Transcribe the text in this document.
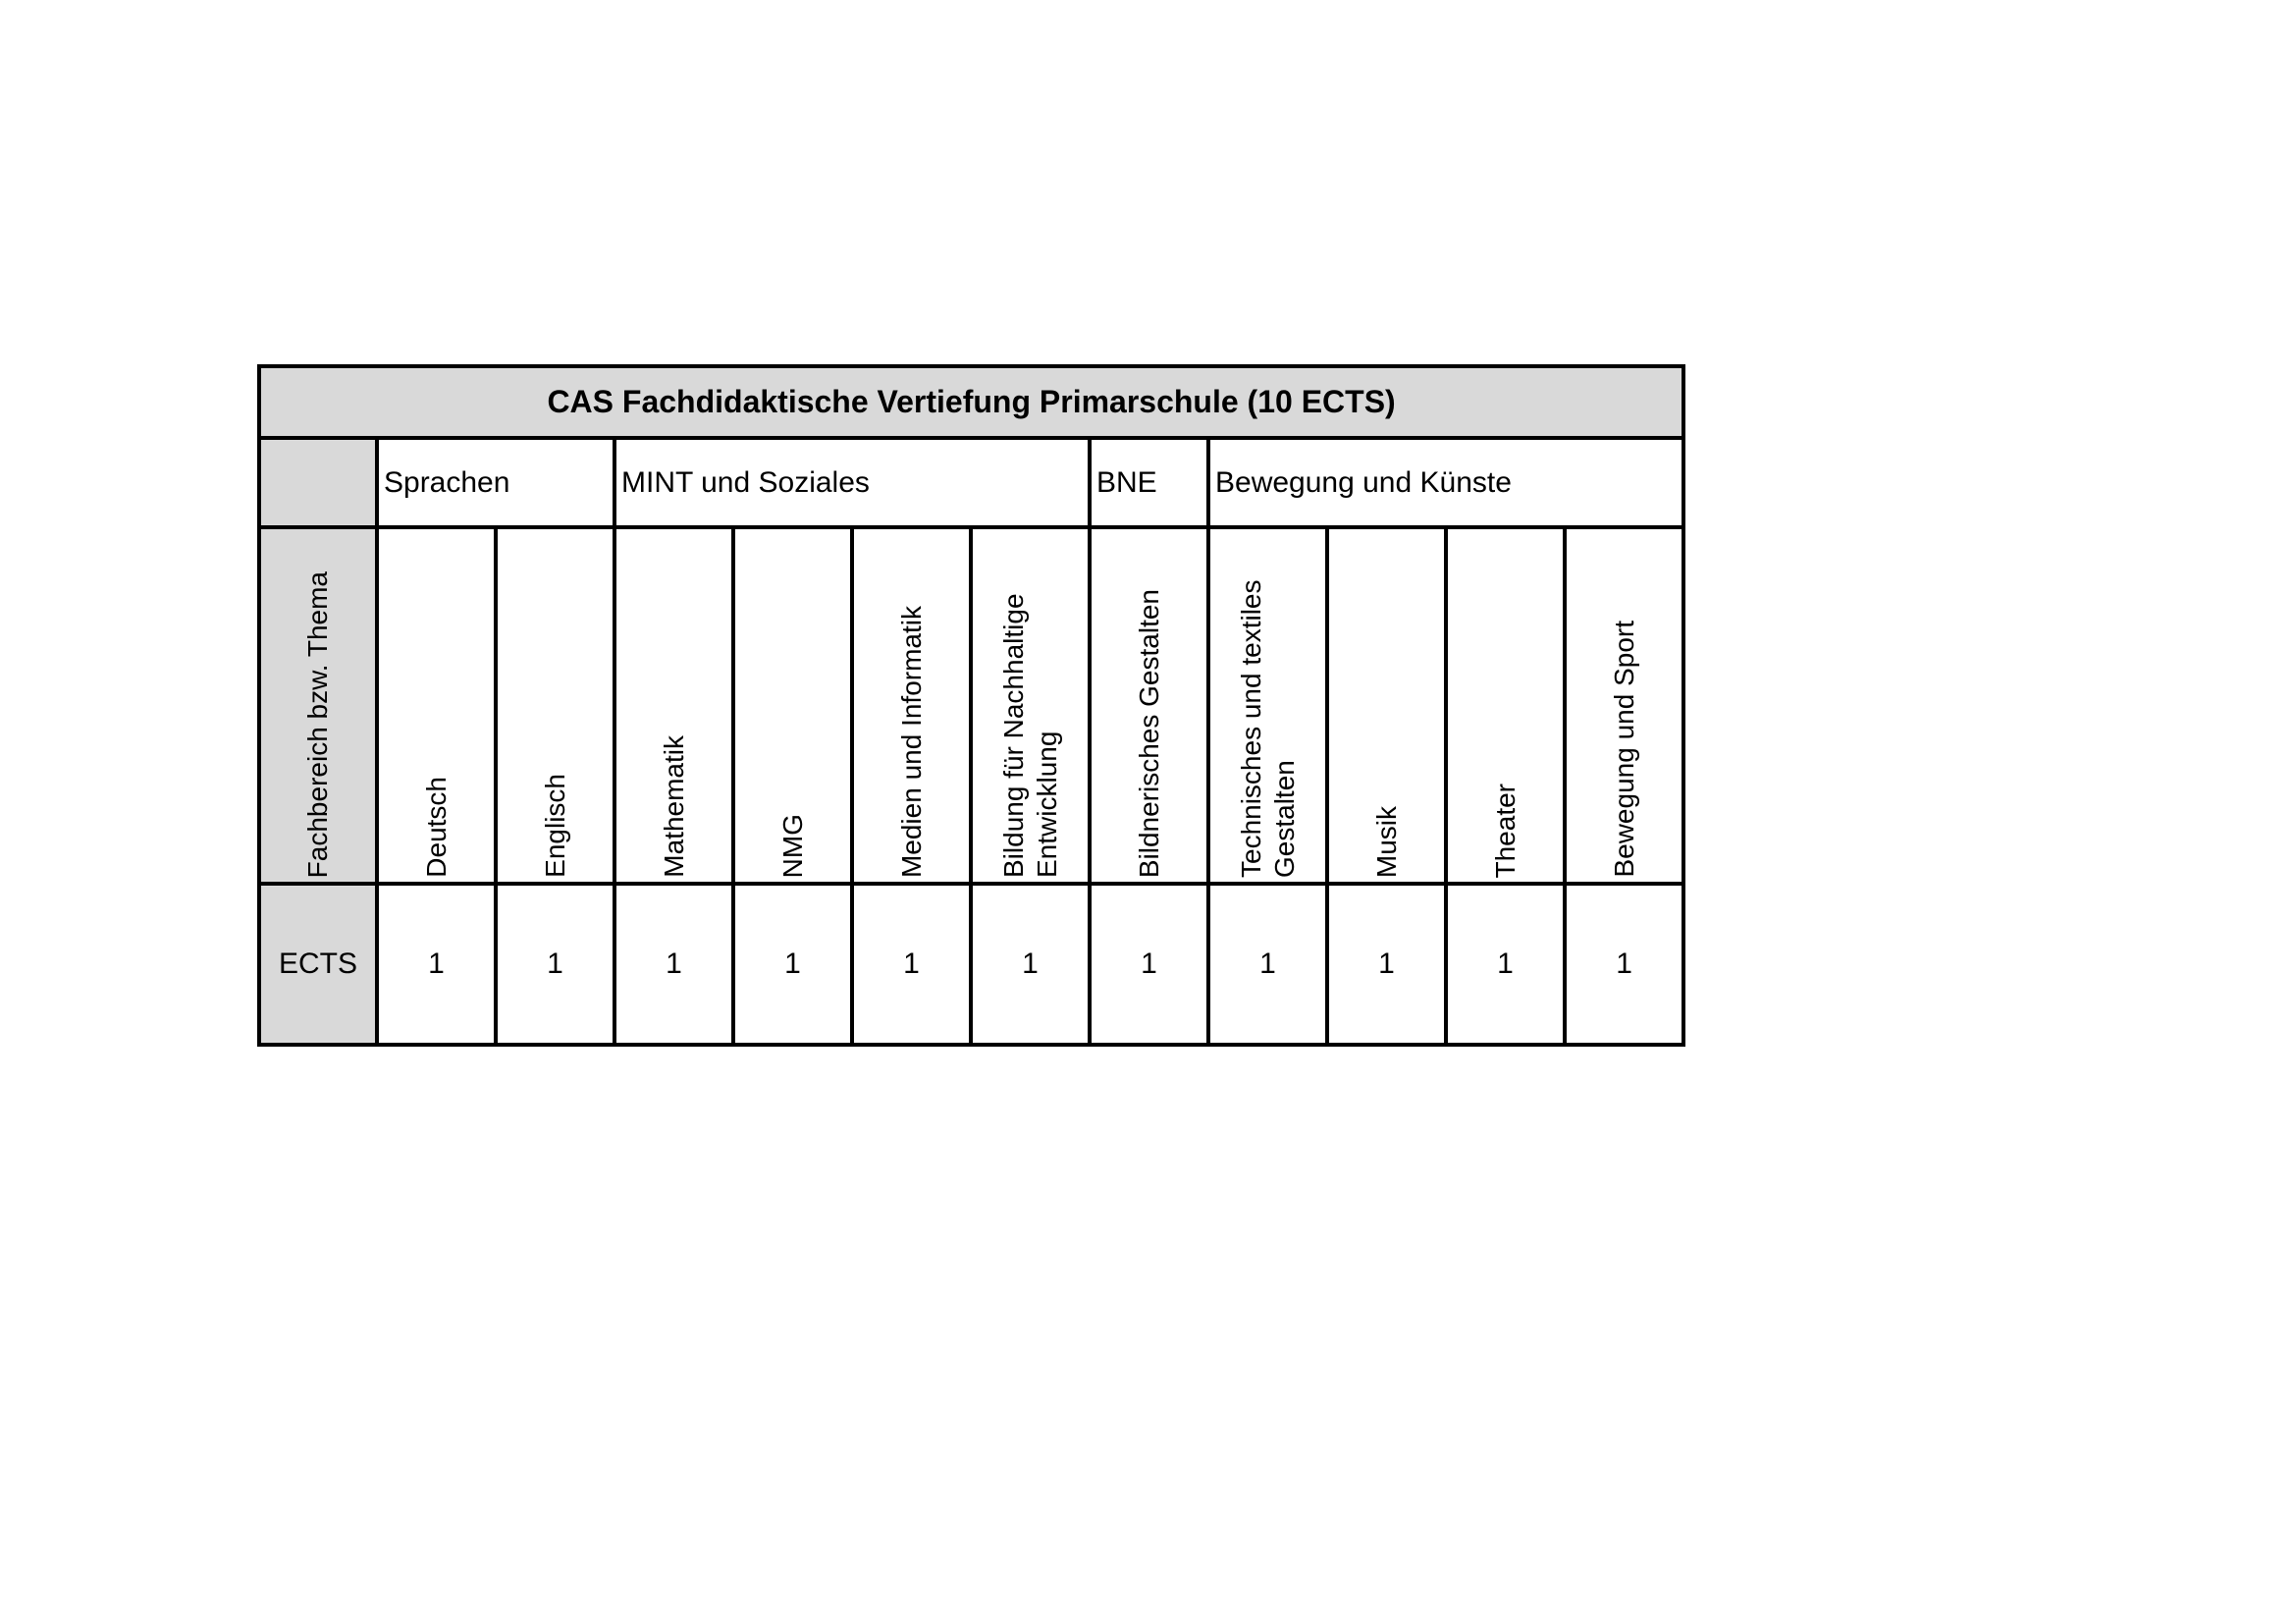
CAS Fachdidaktische Vertiefung Primarschule (10 ECTS)											
	Sprachen		MINT und Soziales				BNE	Bewegung und Künste			

Fachbereich bzw. Thema	Deutsch	Englisch	Mathematik	NMG	Medien und Informatik	Bildung für Nachhaltige Entwicklung	Bildnerisches Gestalten	Technisches und textiles Gestalten	Musik	Theater	Bewegung und Sport

ECTS	1	1	1	1	1	1	1	1	1	1	1
